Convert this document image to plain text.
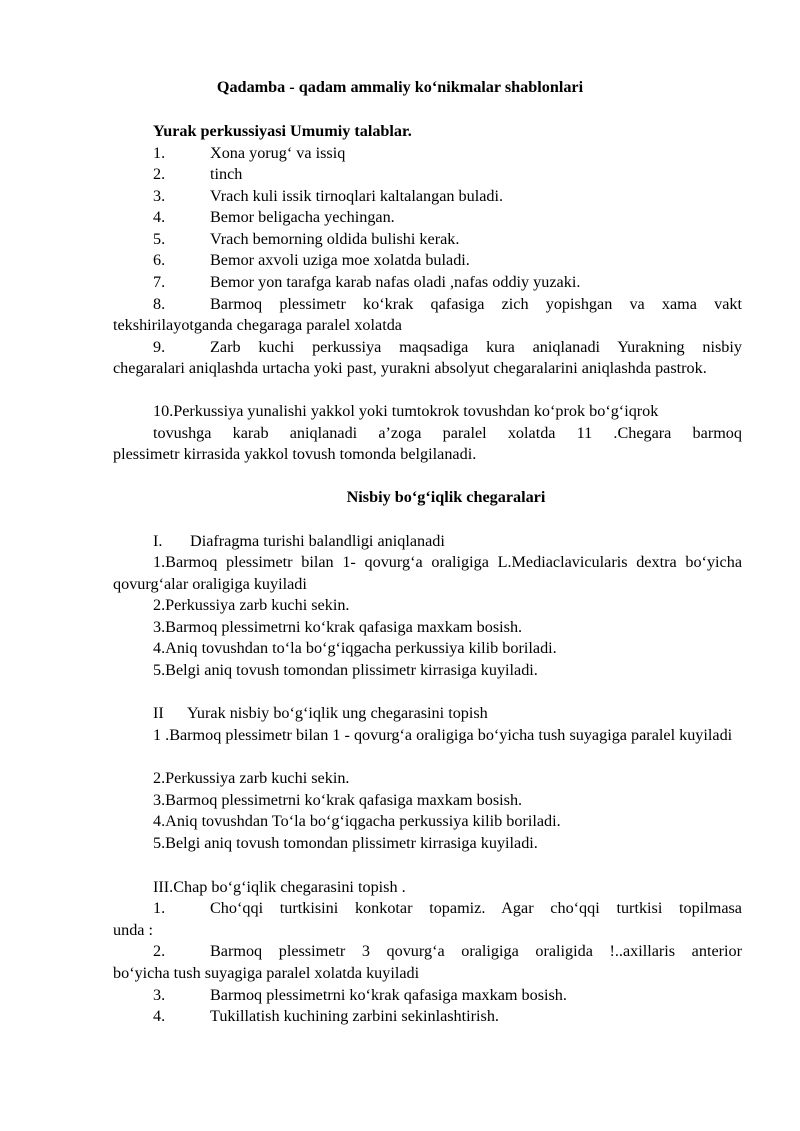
Qadamba - qadam ammaliy ko‘nikmalar shablonlari
Yurak perkussiyasi Umumiy talablar.
1.	Xona yorug‘ va issiq
2.	tinch
3.	Vrach kuli issik tirnoqlari kaltalangan buladi.
4.	Bemor beligacha yechingan.
5.	Vrach bemorning oldida bulishi kerak.
6.	Bemor axvoli uziga moe xolatda buladi.
7.	Bemor yon tarafga karab nafas oladi ,nafas oddiy yuzaki.
8.	Barmoq plessimetr ko‘krak qafasiga zich yopishgan va xama vakt
tekshirilayotganda chegaraga paralel xolatda
9.	Zarb kuchi perkussiya maqsadiga kura aniqlanadi Yurakning nisbiy
chegaralari aniqlashda urtacha yoki past, yurakni absolyut chegaralarini aniqlashda pastrok.
10.Perkussiya yunalishi yakkol yoki tumtokrok tovushdan ko‘prok bo‘g‘iqrok
tovushga karab aniqlanadi a’zoga paralel xolatda 11 .Chegara barmoq
plessimetr kirrasida yakkol tovush tomonda belgilanadi.
Nisbiy bo‘g‘iqlik chegaralari
I. Diafragma turishi balandligi aniqlanadi
1.Barmoq plessimetr bilan 1- qovurg‘a oraligiga L.Mediaclavicularis dextra bo‘yicha qovurg‘alar oraligiga kuyiladi
2.Perkussiya zarb kuchi sekin.
3.Barmoq plessimetrni ko‘krak qafasiga maxkam bosish.
4.Aniq tovushdan to‘la bo‘g‘iqgacha perkussiya kilib boriladi.
5.Belgi aniq tovush tomondan plissimetr kirrasiga kuyiladi.
II Yurak nisbiy bo‘g‘iqlik ung chegarasini topish
1 .Barmoq plessimetr bilan 1 - qovurg‘a oraligiga bo‘yicha tush suyagiga paralel kuyiladi
2.Perkussiya zarb kuchi sekin.
3.Barmoq plessimetrni ko‘krak qafasiga maxkam bosish.
4.Aniq tovushdan To‘la bo‘g‘iqgacha perkussiya kilib boriladi.
5.Belgi aniq tovush tomondan plissimetr kirrasiga kuyiladi.
III.Chap bo‘g‘iqlik chegarasini topish .
1.	Cho‘qqi turtkisini konkotar topamiz. Agar cho‘qqi turtkisi topilmasa
unda :
2.	Barmoq plessimetr 3 qovurg‘a oraligiga oraligida !..axillaris anterior
bo‘yicha tush suyagiga paralel xolatda kuyiladi
3.	Barmoq plessimetrni ko‘krak qafasiga maxkam bosish.
4.	Tukillatish kuchining zarbini sekinlashtirish.
